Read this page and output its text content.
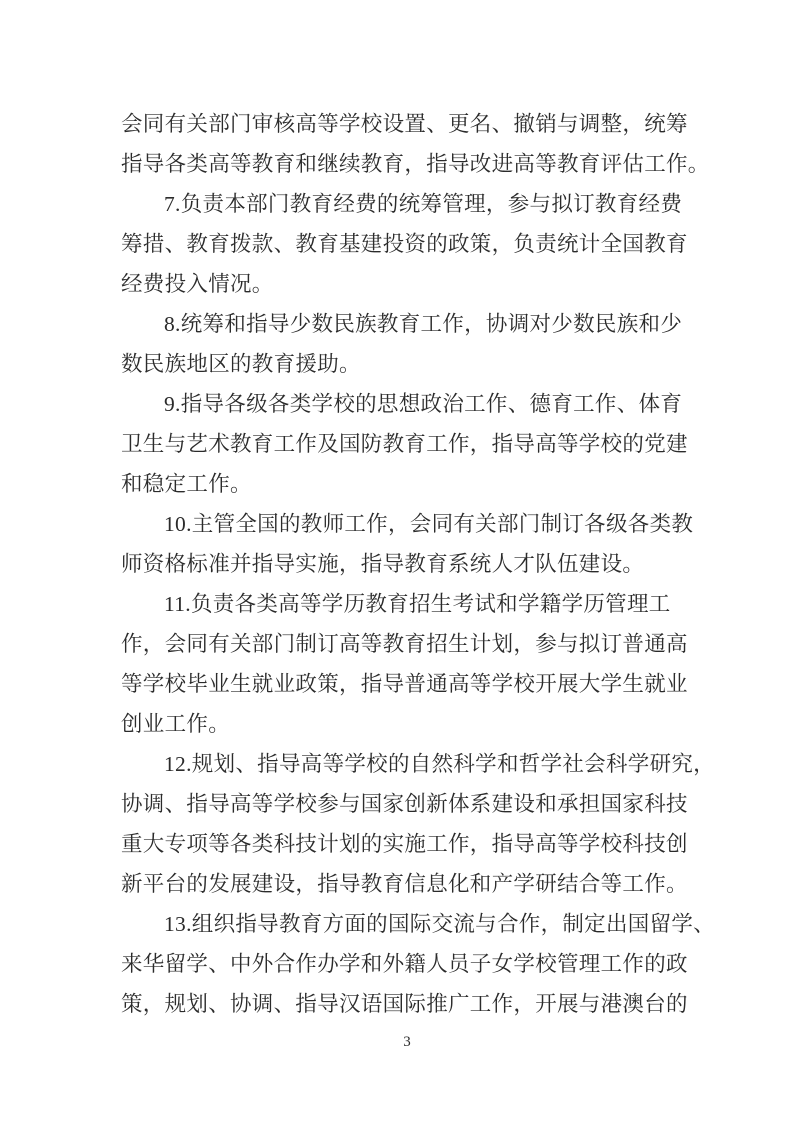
会同有关部门审核高等学校设置、更名、撤销与调整，统筹
指导各类高等教育和继续教育，指导改进高等教育评估工作。
7.负责本部门教育经费的统筹管理，参与拟订教育经费
筹措、教育拨款、教育基建投资的政策，负责统计全国教育
经费投入情况。
8.统筹和指导少数民族教育工作，协调对少数民族和少
数民族地区的教育援助。
9.指导各级各类学校的思想政治工作、德育工作、体育
卫生与艺术教育工作及国防教育工作，指导高等学校的党建
和稳定工作。
10.主管全国的教师工作，会同有关部门制订各级各类教
师资格标准并指导实施，指导教育系统人才队伍建设。
11.负责各类高等学历教育招生考试和学籍学历管理工
作，会同有关部门制订高等教育招生计划，参与拟订普通高
等学校毕业生就业政策，指导普通高等学校开展大学生就业
创业工作。
12.规划、指导高等学校的自然科学和哲学社会科学研究，
协调、指导高等学校参与国家创新体系建设和承担国家科技
重大专项等各类科技计划的实施工作，指导高等学校科技创
新平台的发展建设，指导教育信息化和产学研结合等工作。
13.组织指导教育方面的国际交流与合作，制定出国留学、
来华留学、中外合作办学和外籍人员子女学校管理工作的政
策，规划、协调、指导汉语国际推广工作，开展与港澳台的
3
